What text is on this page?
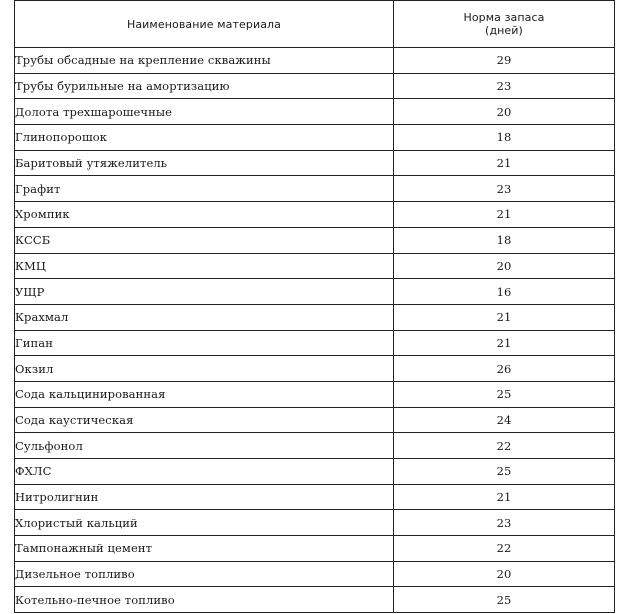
Наименование материала	Норма запаса
(дней)

Трубы обсадные на крепление скважины	29
Трубы бурильные на амортизацию	23
Долота трехшарошечные	20
Глинопорошок	18
Баритовый утяжелитель	21
Графит	23
Хромпик	21
КССБ	18
КМЦ	20
УЩР	16
Крахмал	21
Гипан	21
Окзил	26
Сода кальцинированная	25
Сода каустическая	24
Сульфонол	22
ФХЛС	25
Нитролигнин	21
Хлористый кальций	23
Тампонажный цемент	22
Дизельное топливо	20
Котельно-печное топливо	25
